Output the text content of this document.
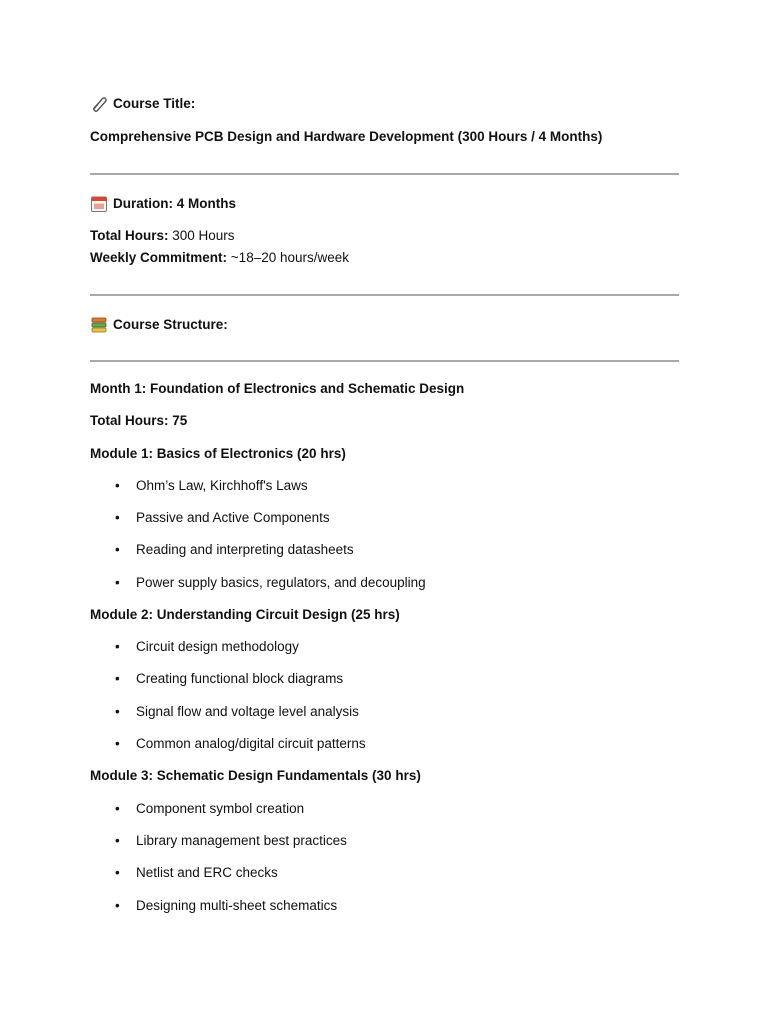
Course Title:
Comprehensive PCB Design and Hardware Development (300 Hours / 4 Months)
Duration: 4 Months
Total Hours: 300 Hours
Weekly Commitment: ~18–20 hours/week
Course Structure:
Month 1: Foundation of Electronics and Schematic Design
Total Hours: 75
Module 1: Basics of Electronics (20 hrs)
• Ohm’s Law, Kirchhoff's Laws
• Passive and Active Components
• Reading and interpreting datasheets
• Power supply basics, regulators, and decoupling
Module 2: Understanding Circuit Design (25 hrs)
• Circuit design methodology
• Creating functional block diagrams
• Signal flow and voltage level analysis
• Common analog/digital circuit patterns
Module 3: Schematic Design Fundamentals (30 hrs)
• Component symbol creation
• Library management best practices
• Netlist and ERC checks
• Designing multi-sheet schematics
